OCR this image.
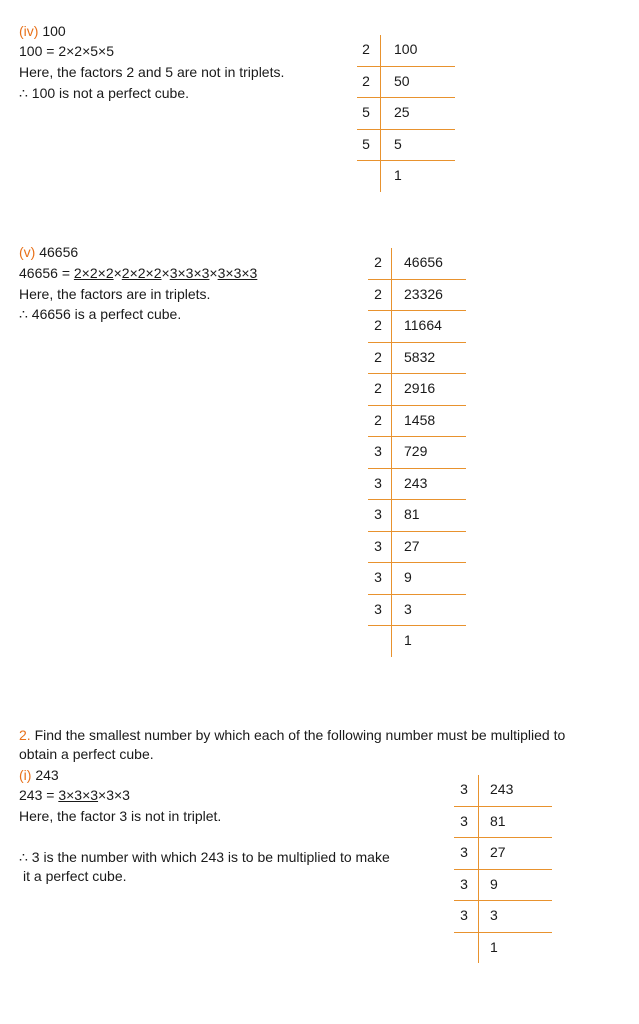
(iv) 100
100 = 2×2×5×5
Here, the factors 2 and 5 are not in triplets.
∴ 100 is not a perfect cube.
2 100
2 50
5 25
5 5
1
(v) 46656
46656 = 2×2×2×2×2×2×3×3×3×3×3×3
Here, the factors are in triplets.
∴ 46656 is a perfect cube.
2 46656
2 23326
2 11664
2 5832
2 2916
2 1458
3 729
3 243
3 81
3 27
3 9
3 3
1
2. Find the smallest number by which each of the following number must be multiplied to
obtain a perfect cube.
(i) 243
243 = 3×3×3×3×3
Here, the factor 3 is not in triplet.
∴ 3 is the number with which 243 is to be multiplied to make
it a perfect cube.
3 243
3 81
3 27
3 9
3 3
1
